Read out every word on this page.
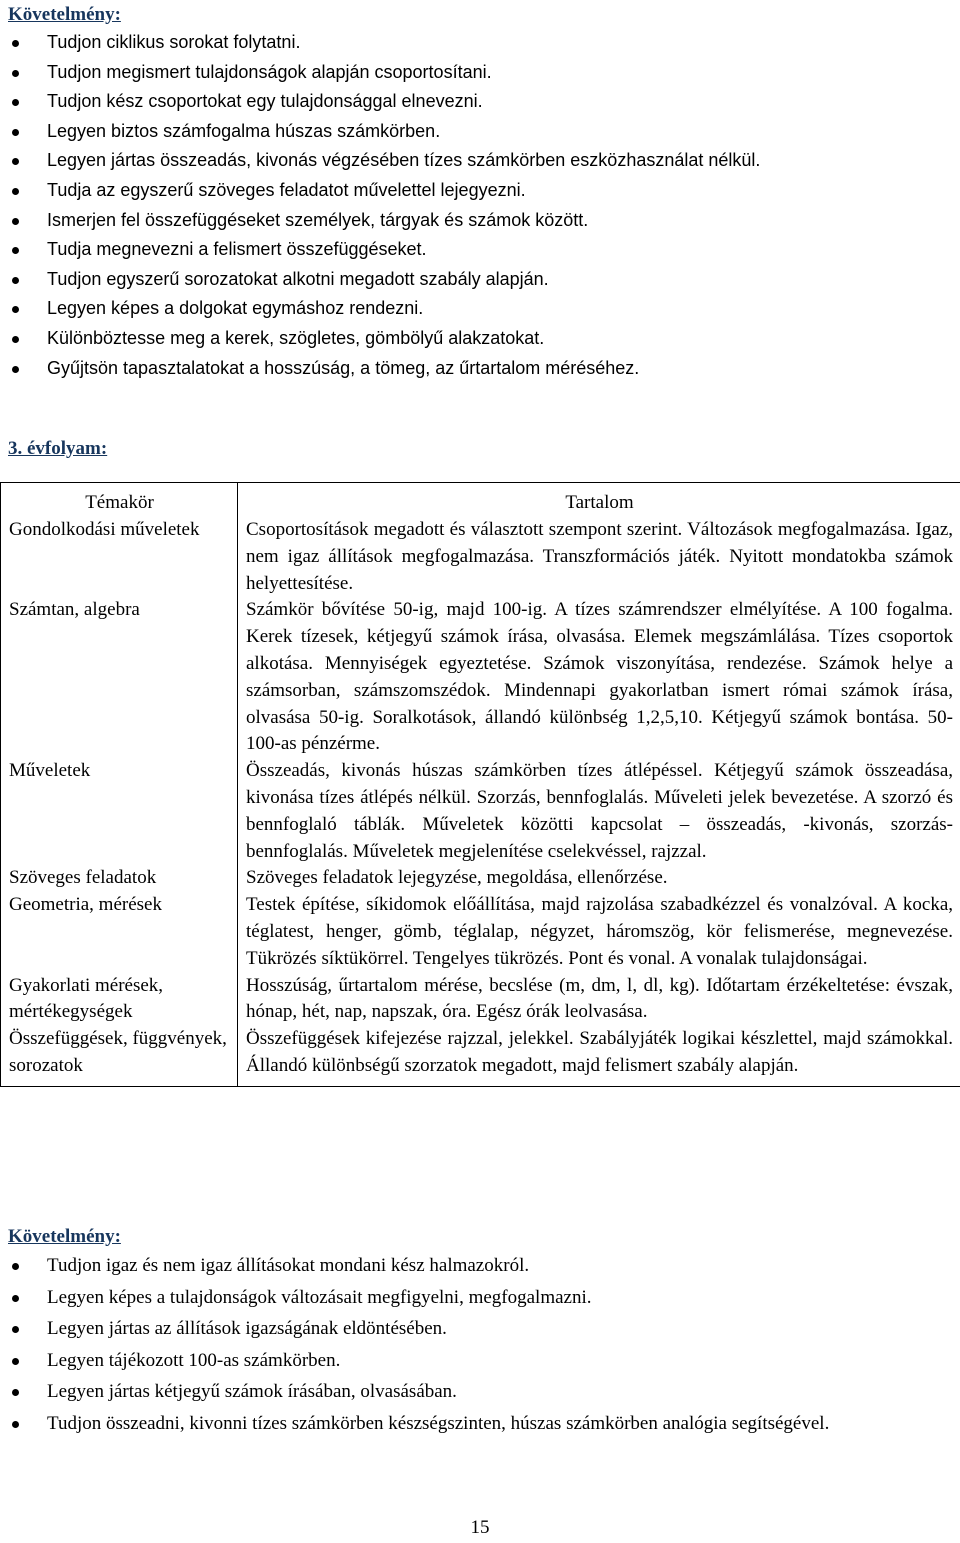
Követelmény:
Tudjon ciklikus sorokat folytatni.
Tudjon megismert tulajdonságok alapján csoportosítani.
Tudjon kész csoportokat egy tulajdonsággal elnevezni.
Legyen biztos számfogalma húszas számkörben.
Legyen jártas összeadás, kivonás végzésében tízes számkörben eszközhasználat nélkül.
Tudja az egyszerű szöveges feladatot művelettel lejegyezni.
Ismerjen fel összefüggéseket személyek, tárgyak és számok között.
Tudja megnevezni a felismert összefüggéseket.
Tudjon egyszerű sorozatokat alkotni megadott szabály alapján.
Legyen képes a dolgokat egymáshoz rendezni.
Különböztesse meg a kerek, szögletes, gömbölyű alakzatokat.
Gyűjtsön tapasztalatokat a hosszúság, a tömeg, az űrtartalom méréséhez.
3. évfolyam:
Témakör	Tartalom
Gondolkodási műveletek	Csoportosítások megadott és választott szempont szerint. Változások megfogalmazása. Igaz, nem igaz állítások megfogalmazása. Transzformációs játék. Nyitott mondatokba számok helyettesítése.
Számtan, algebra	Számkör bővítése 50-ig, majd 100-ig. A tízes számrendszer elmélyítése. A 100 fogalma. Kerek tízesek, kétjegyű számok írása, olvasása. Elemek megszámlálása. Tízes csoportok alkotása. Mennyiségek egyeztetése. Számok viszonyítása, rendezése. Számok helye a számsorban, számszomszédok. Mindennapi gyakorlatban ismert római számok írása, olvasása 50-ig. Soralkotások, állandó különbség 1,2,5,10. Kétjegyű számok bontása. 50-100-as pénzérme.
Műveletek	Összeadás, kivonás húszas számkörben tízes átlépéssel. Kétjegyű számok összeadása, kivonása tízes átlépés nélkül. Szorzás, bennfoglalás. Műveleti jelek bevezetése. A szorzó és bennfoglaló táblák. Műveletek közötti kapcsolat – összeadás, -kivonás, szorzás-bennfoglalás. Műveletek megjelenítése cselekvéssel, rajzzal.
Szöveges feladatok	Szöveges feladatok lejegyzése, megoldása, ellenőrzése.
Geometria, mérések	Testek építése, síkidomok előállítása, majd rajzolása szabadkézzel és vonalzóval. A kocka, téglatest, henger, gömb, téglalap, négyzet, háromszög, kör felismerése, megnevezése. Tükrözés síktükörrel. Tengelyes tükrözés. Pont és vonal. A vonalak tulajdonságai.
Gyakorlati mérések, mértékegységek	Hosszúság, űrtartalom mérése, becslése (m, dm, l, dl, kg). Időtartam érzékeltetése: évszak, hónap, hét, nap, napszak, óra. Egész órák leolvasása.
Összefüggések, függvények, sorozatok	Összefüggések kifejezése rajzzal, jelekkel. Szabályjáték logikai készlettel, majd számokkal. Állandó különbségű szorzatok megadott, majd felismert szabály alapján.
Követelmény:
Tudjon igaz és nem igaz állításokat mondani kész halmazokról.
Legyen képes a tulajdonságok változásait megfigyelni, megfogalmazni.
Legyen jártas az állítások igazságának eldöntésében.
Legyen tájékozott 100-as számkörben.
Legyen jártas kétjegyű számok írásában, olvasásában.
Tudjon összeadni, kivonni tízes számkörben készségszinten, húszas számkörben analógia segítségével.
15
